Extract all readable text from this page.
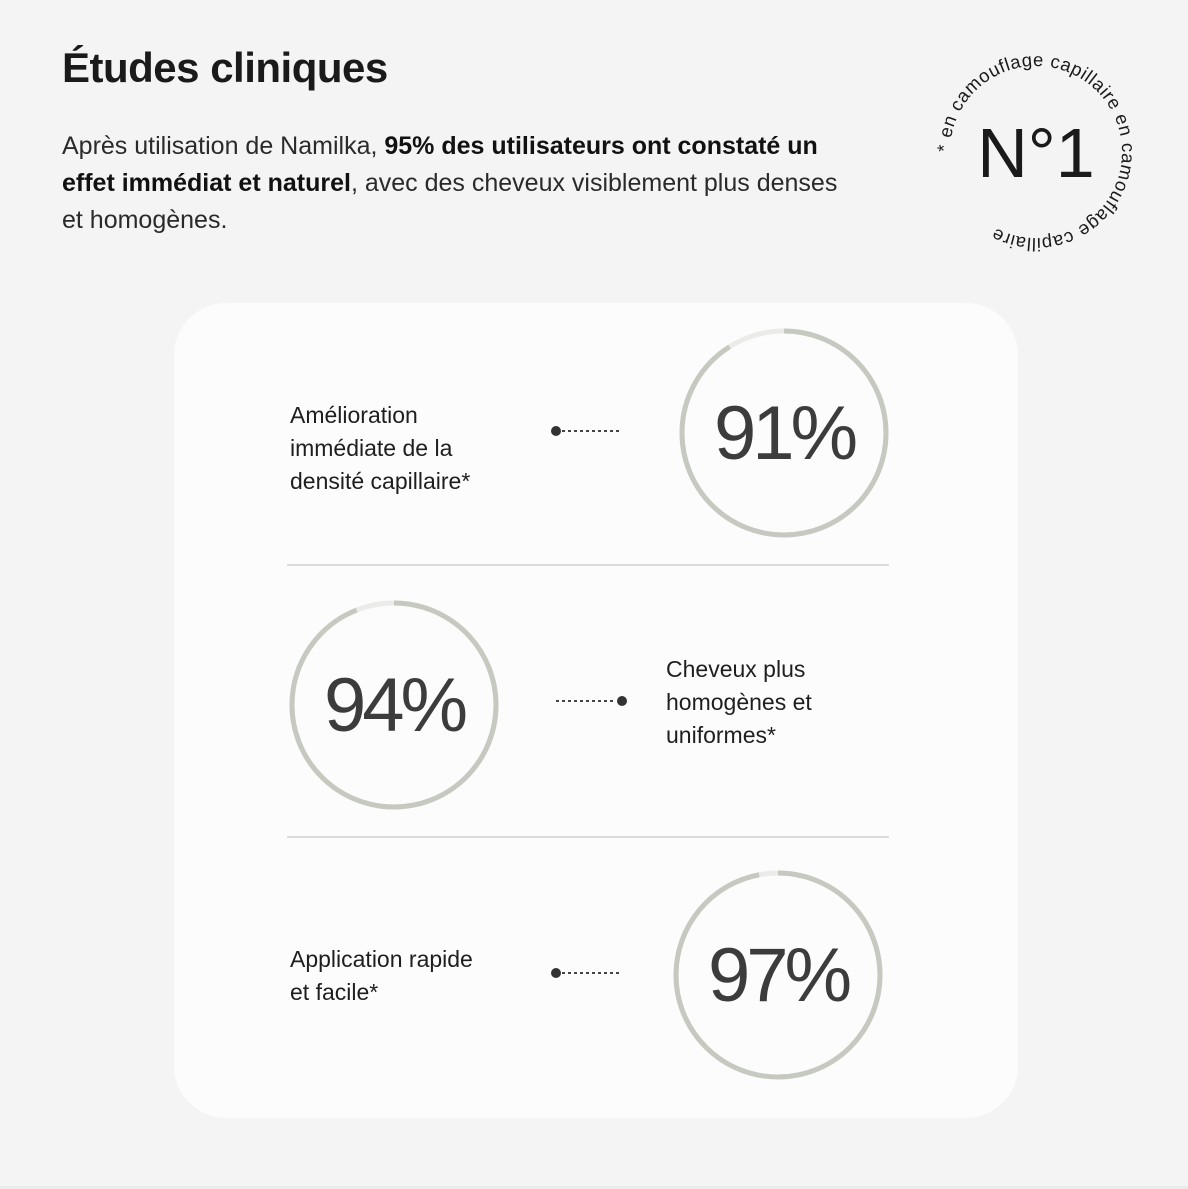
Études cliniques

Après utilisation de Namilka, 95% des utilisateurs ont constaté un effet immédiat et naturel, avec des cheveux visiblement plus denses et homogènes.

* en camouflage capillaire en camouflage capillaire
N°1

Amélioration
immédiate de la
densité capillaire*

91%
94%	Cheveux plus
homogènes et
uniformes*

Application rapide
et facile*	97%
